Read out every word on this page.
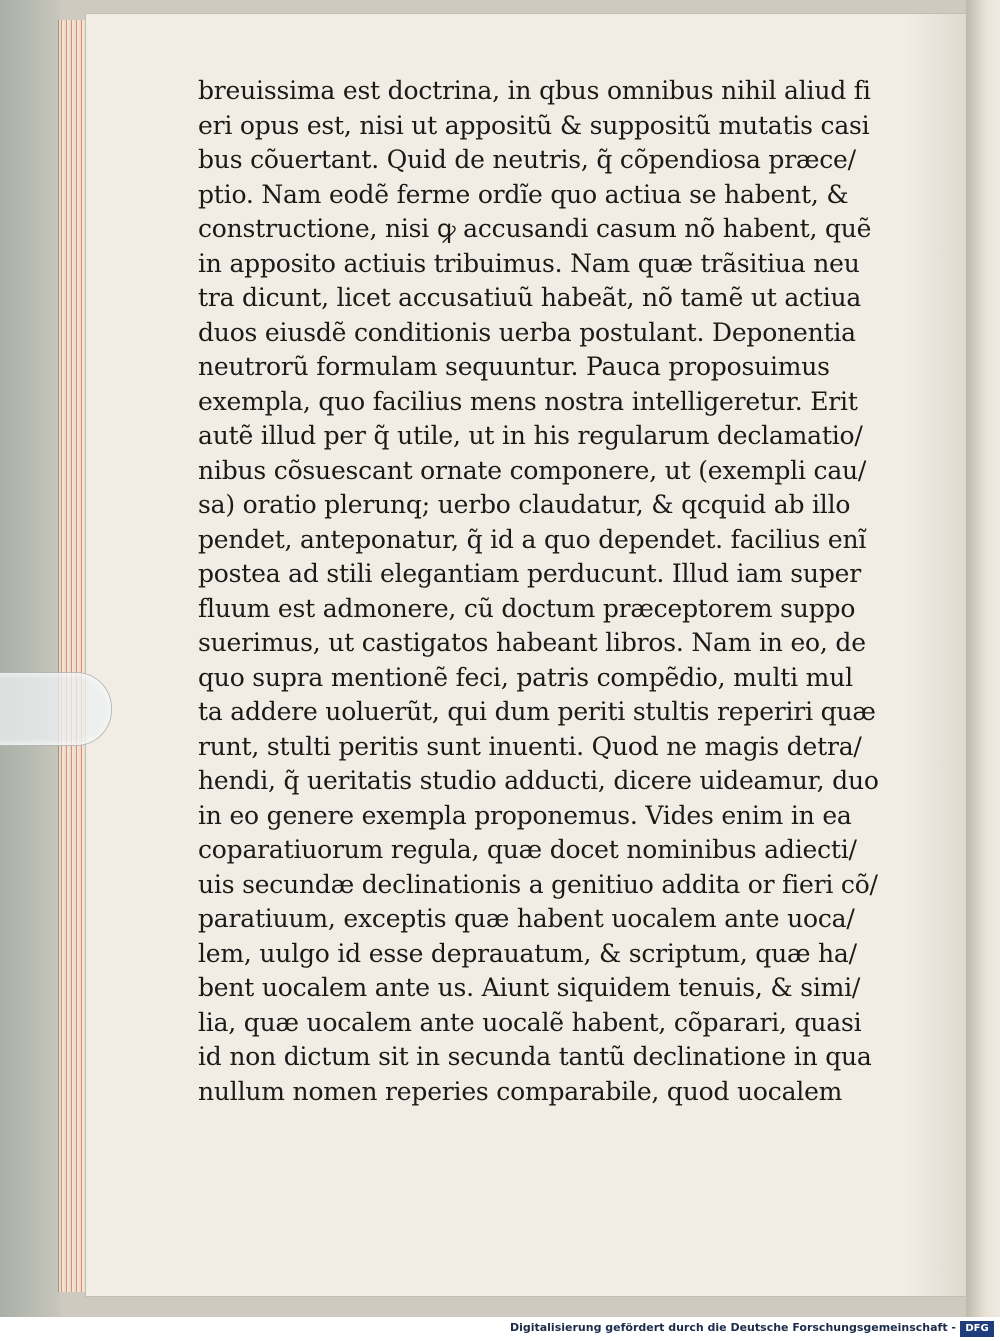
breuissima est doctrina, in qbus omnibus nihil aliud fi
eri opus est, nisi ut appositũ & suppositũ mutatis casi
bus cõuertant. Quid de neutris, q̃ cõpendiosa præce/
ptio. Nam eodẽ ferme ordĩe quo actiua se habent, &
constructione, nisi ꝙ accusandi casum nõ habent, quẽ
in apposito actiuis tribuimus. Nam quæ trãsitiua neu
tra dicunt, licet accusatiuũ habeãt, nõ tamẽ ut actiua
duos eiusdẽ conditionis uerba postulant. Deponentia
neutrorũ formulam sequuntur. Pauca proposuimus
exempla, quo facilius mens nostra intelligeretur. Erit
autẽ illud per q̃ utile, ut in his regularum declamatio/
nibus cõsuescant ornate componere, ut (exempli cau/
sa) oratio plerunq; uerbo claudatur, & qcquid ab illo
pendet, anteponatur, q̃ id a quo dependet. facilius enĩ
postea ad stili elegantiam perducunt. Illud iam super
fluum est admonere, cũ doctum præceptorem suppo
suerimus, ut castigatos habeant libros. Nam in eo, de
quo supra mentionẽ feci, patris compẽdio, multi mul
ta addere uoluerũt, qui dum periti stultis reperiri quæ
runt, stulti peritis sunt inuenti. Quod ne magis detra/
hendi, q̃ ueritatis studio adducti, dicere uideamur, duo
in eo genere exempla proponemus. Vides enim in ea
coparatiuorum regula, quæ docet nominibus adiecti/
uis secundæ declinationis a genitiuo addita or fieri cõ/
paratiuum, exceptis quæ habent uocalem ante uoca/
lem, uulgo id esse deprauatum, & scriptum, quæ ha/
bent uocalem ante us. Aiunt siquidem tenuis, & simi/
lia, quæ uocalem ante uocalẽ habent, cõparari, quasi
id non dictum sit in secunda tantũ declinatione in qua
nullum nomen reperies comparabile, quod uocalem
Digitalisierung gefördert durch die Deutsche Forschungsgemeinschaft - DFG
